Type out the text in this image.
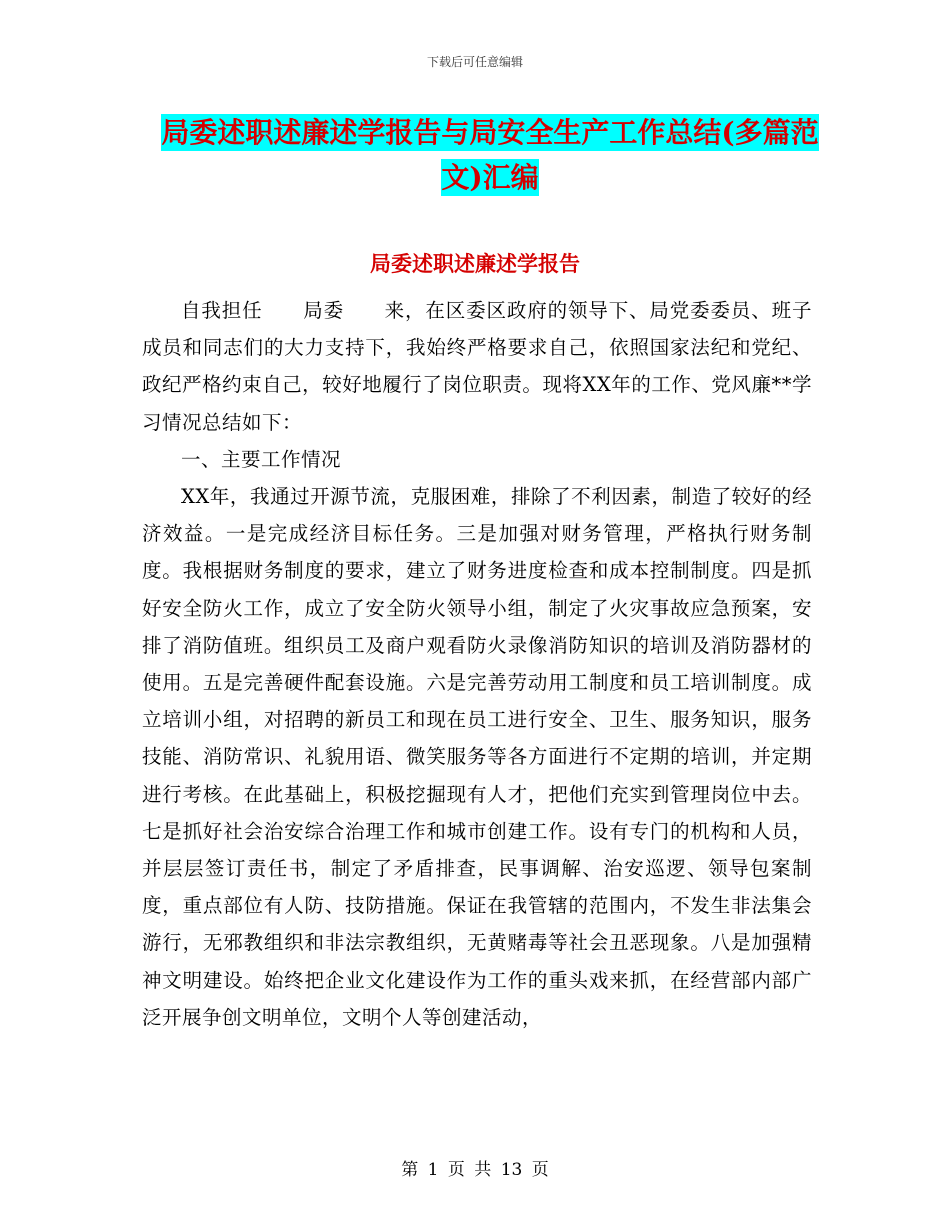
下载后可任意编辑
局委述职述廉述学报告与局安全生产工作总结(多篇范文)汇编
局委述职述廉述学报告

自我担任　　局委　　来，在区委区政府的领导下、局党委委员、班子成员和同志们的大力支持下，我始终严格要求自己，依照国家法纪和党纪、政纪严格约束自己，较好地履行了岗位职责。现将XX年的工作、党风廉**学习情况总结如下：

一、主要工作情况

XX年，我通过开源节流，克服困难，排除了不利因素，制造了较好的经济效益。一是完成经济目标任务。三是加强对财务管理，严格执行财务制度。我根据财务制度的要求，建立了财务进度检查和成本控制制度。四是抓好安全防火工作，成立了安全防火领导小组，制定了火灾事故应急预案，安排了消防值班。组织员工及商户观看防火录像消防知识的培训及消防器材的使用。五是完善硬件配套设施。六是完善劳动用工制度和员工培训制度。成立培训小组，对招聘的新员工和现在员工进行安全、卫生、服务知识，服务技能、消防常识、礼貌用语、微笑服务等各方面进行不定期的培训，并定期进行考核。在此基础上，积极挖掘现有人才，把他们充实到管理岗位中去。七是抓好社会治安综合治理工作和城市创建工作。设有专门的机构和人员，并层层签订责任书，制定了矛盾排查，民事调解、治安巡逻、领导包案制度，重点部位有人防、技防措施。保证在我管辖的范围内，不发生非法集会游行，无邪教组织和非法宗教组织，无黄赌毒等社会丑恶现象。八是加强精神文明建设。始终把企业文化建设作为工作的重头戏来抓，在经营部内部广泛开展争创文明单位，文明个人等创建活动，

第 1 页 共 13 页
